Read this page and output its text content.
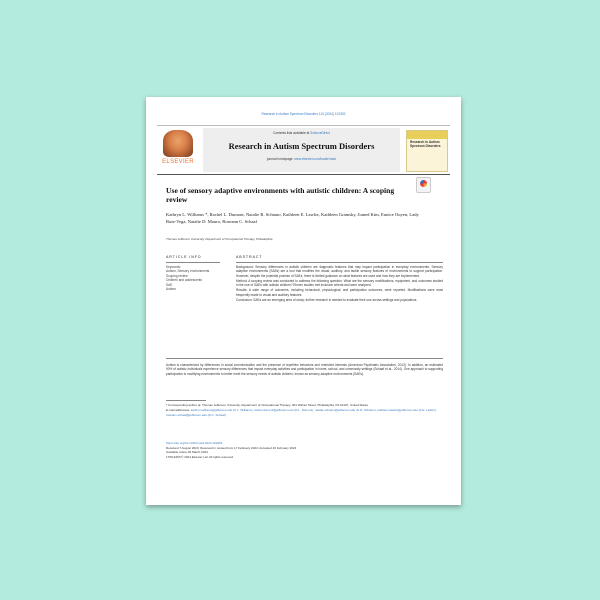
Research in Autism Spectrum Disorders 113 (2024) 102352
ELSEVIER
Contents lists available at ScienceDirect
Research in Autism Spectrum Disorders
journal homepage: www.elsevier.com/locate/rasd
Research in Autism Spectrum Disorders
Use of sensory adaptive environments with autistic children: A scoping review
Kathryn L. Williams *, Rachel L. Dumont, Natalie R. Schiano, Kathleen E. Lawlor, Kathleen Gramsky, Jianed Kim, Eunice Ouyen, Lady Ruiz-Vega, Natalie D. Mauro, Roseann C. Schaaf
Thomas Jefferson University, Department of Occupational Therapy, Philadelphia
ARTICLE INFO	ABSTRACT
Keywords:
Autism, Sensory environments
Scoping review
Children and adolescents
SAE
Autism

Background: Sensory differences in autistic children are diagnostic features that may impact participation in everyday environments. Sensory adaptive environments (SAEs) are a tool that modifies the visual, auditory, and tactile sensory features of environments to support participation. However, despite the potential promise of SAEs, there is limited guidance on what features are used and how they are implemented.

Method: A scoping review was conducted to address the following question: What are the sensory modifications, equipment, and outcomes studied in the use of SAEs with autistic children? Eleven studies met inclusion criteria and were analyzed.

Results: A wide range of outcomes, including behavioral, physiological, and participation outcomes, were reported. Modifications were most frequently made to visual and auditory features.

Conclusion: SAEs are an emerging area of study; further research is needed to evaluate their use across settings and populations.

Autism is characterized by differences in social communication and the presence of repetitive behaviors and restricted interests (American Psychiatric Association, 2013). In addition, an estimated 90% of autistic individuals experience sensory differences that impact everyday activities and participation in home, school, and community settings (Schaaf et al., 2014). One approach to supporting participation is modifying environments to better meet the sensory needs of autistic children, known as sensory adaptive environments (SAEs).

* Corresponding author at: Thomas Jefferson University, Department of Occupational Therapy, 901 Walnut Street, Philadelphia, PA 19107, United States.

E-mail addresses: kathryn.williams@jefferson.edu (K.L. Williams), rachel.dumont@jefferson.edu (R.L. Dumont), natalie.schiano@jefferson.edu (N.R. Schiano), kathleen.lawlor@jefferson.edu (K.E. Lawlor), roseann.schaaf@jefferson.edu (R.C. Schaaf).

https://doi.org/10.1016/j.rasd.2024.102352
Received 7 August 2023; Received in revised form 17 February 2024; Accepted 26 February 2024
Available online 06 March 2024
1750-9467/© 2024 Elsevier Ltd. All rights reserved.
